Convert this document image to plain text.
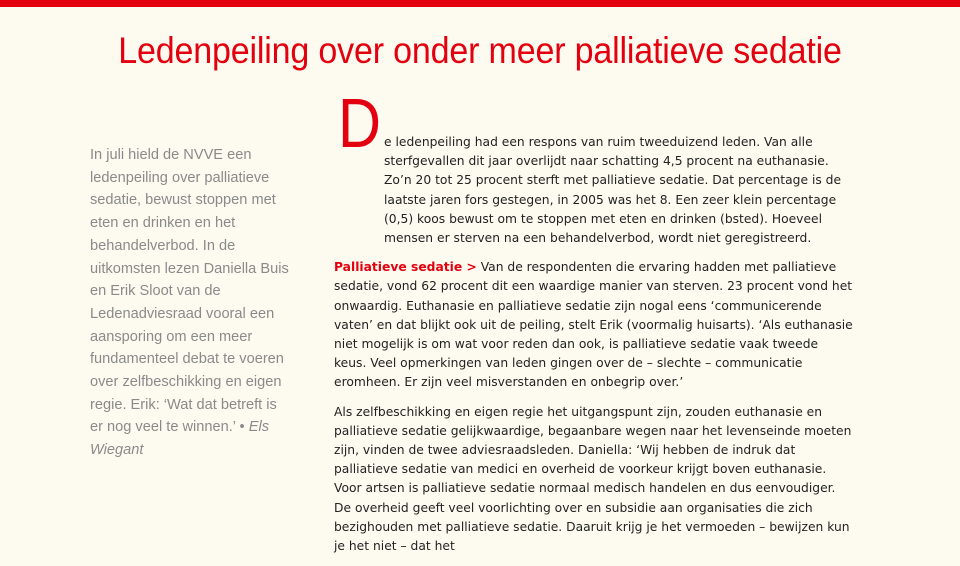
Ledenpeiling over onder meer palliatieve sedatie
In juli hield de NVVE een ledenpeiling over palliatieve sedatie, bewust stoppen met eten en drinken en het behandelverbod. In de uitkomsten lezen Daniella Buis en Erik Sloot van de Ledenadviesraad vooral een aansporing om een meer fundamenteel debat te voeren over zelfbeschikking en eigen regie. Erik: ‘Wat dat betreft is er nog veel te winnen.’ • Els Wiegant
D e ledenpeiling had een respons van ruim tweeduizend leden. Van alle sterfgevallen dit jaar overlijdt naar schatting 4,5 procent na euthanasie. Zo’n 20 tot 25 procent sterft met palliatieve sedatie. Dat percentage is de laatste jaren fors gestegen, in 2005 was het 8. Een zeer klein percentage (0,5) koos bewust om te stoppen met eten en drinken (bsted). Hoeveel mensen er sterven na een behandelverbod, wordt niet geregistreerd.

Palliatieve sedatie > Van de respondenten die ervaring hadden met palliatieve sedatie, vond 62 procent dit een waardige manier van sterven. 23 procent vond het onwaardig. Euthanasie en palliatieve sedatie zijn nogal eens ‘communicerende vaten’ en dat blijkt ook uit de peiling, stelt Erik (voormalig huisarts). ‘Als euthanasie niet mogelijk is om wat voor reden dan ook, is palliatieve sedatie vaak tweede keus. Veel opmerkingen van leden gingen over de – slechte – communicatie eromheen. Er zijn veel misverstanden en onbegrip over.’

Als zelfbeschikking en eigen regie het uitgangspunt zijn, zouden euthanasie en palliatieve sedatie gelijkwaardige, begaanbare wegen naar het levenseinde moeten zijn, vinden de twee adviesraadsleden. Daniella: ‘Wij hebben de indruk dat palliatieve sedatie van medici en overheid de voorkeur krijgt boven euthanasie. Voor artsen is palliatieve sedatie normaal medisch handelen en dus eenvoudiger. De overheid geeft veel voorlichting over en subsidie aan organisaties die zich bezighouden met palliatieve sedatie. Daaruit krijg je het vermoeden – bewijzen kun je het niet – dat het
